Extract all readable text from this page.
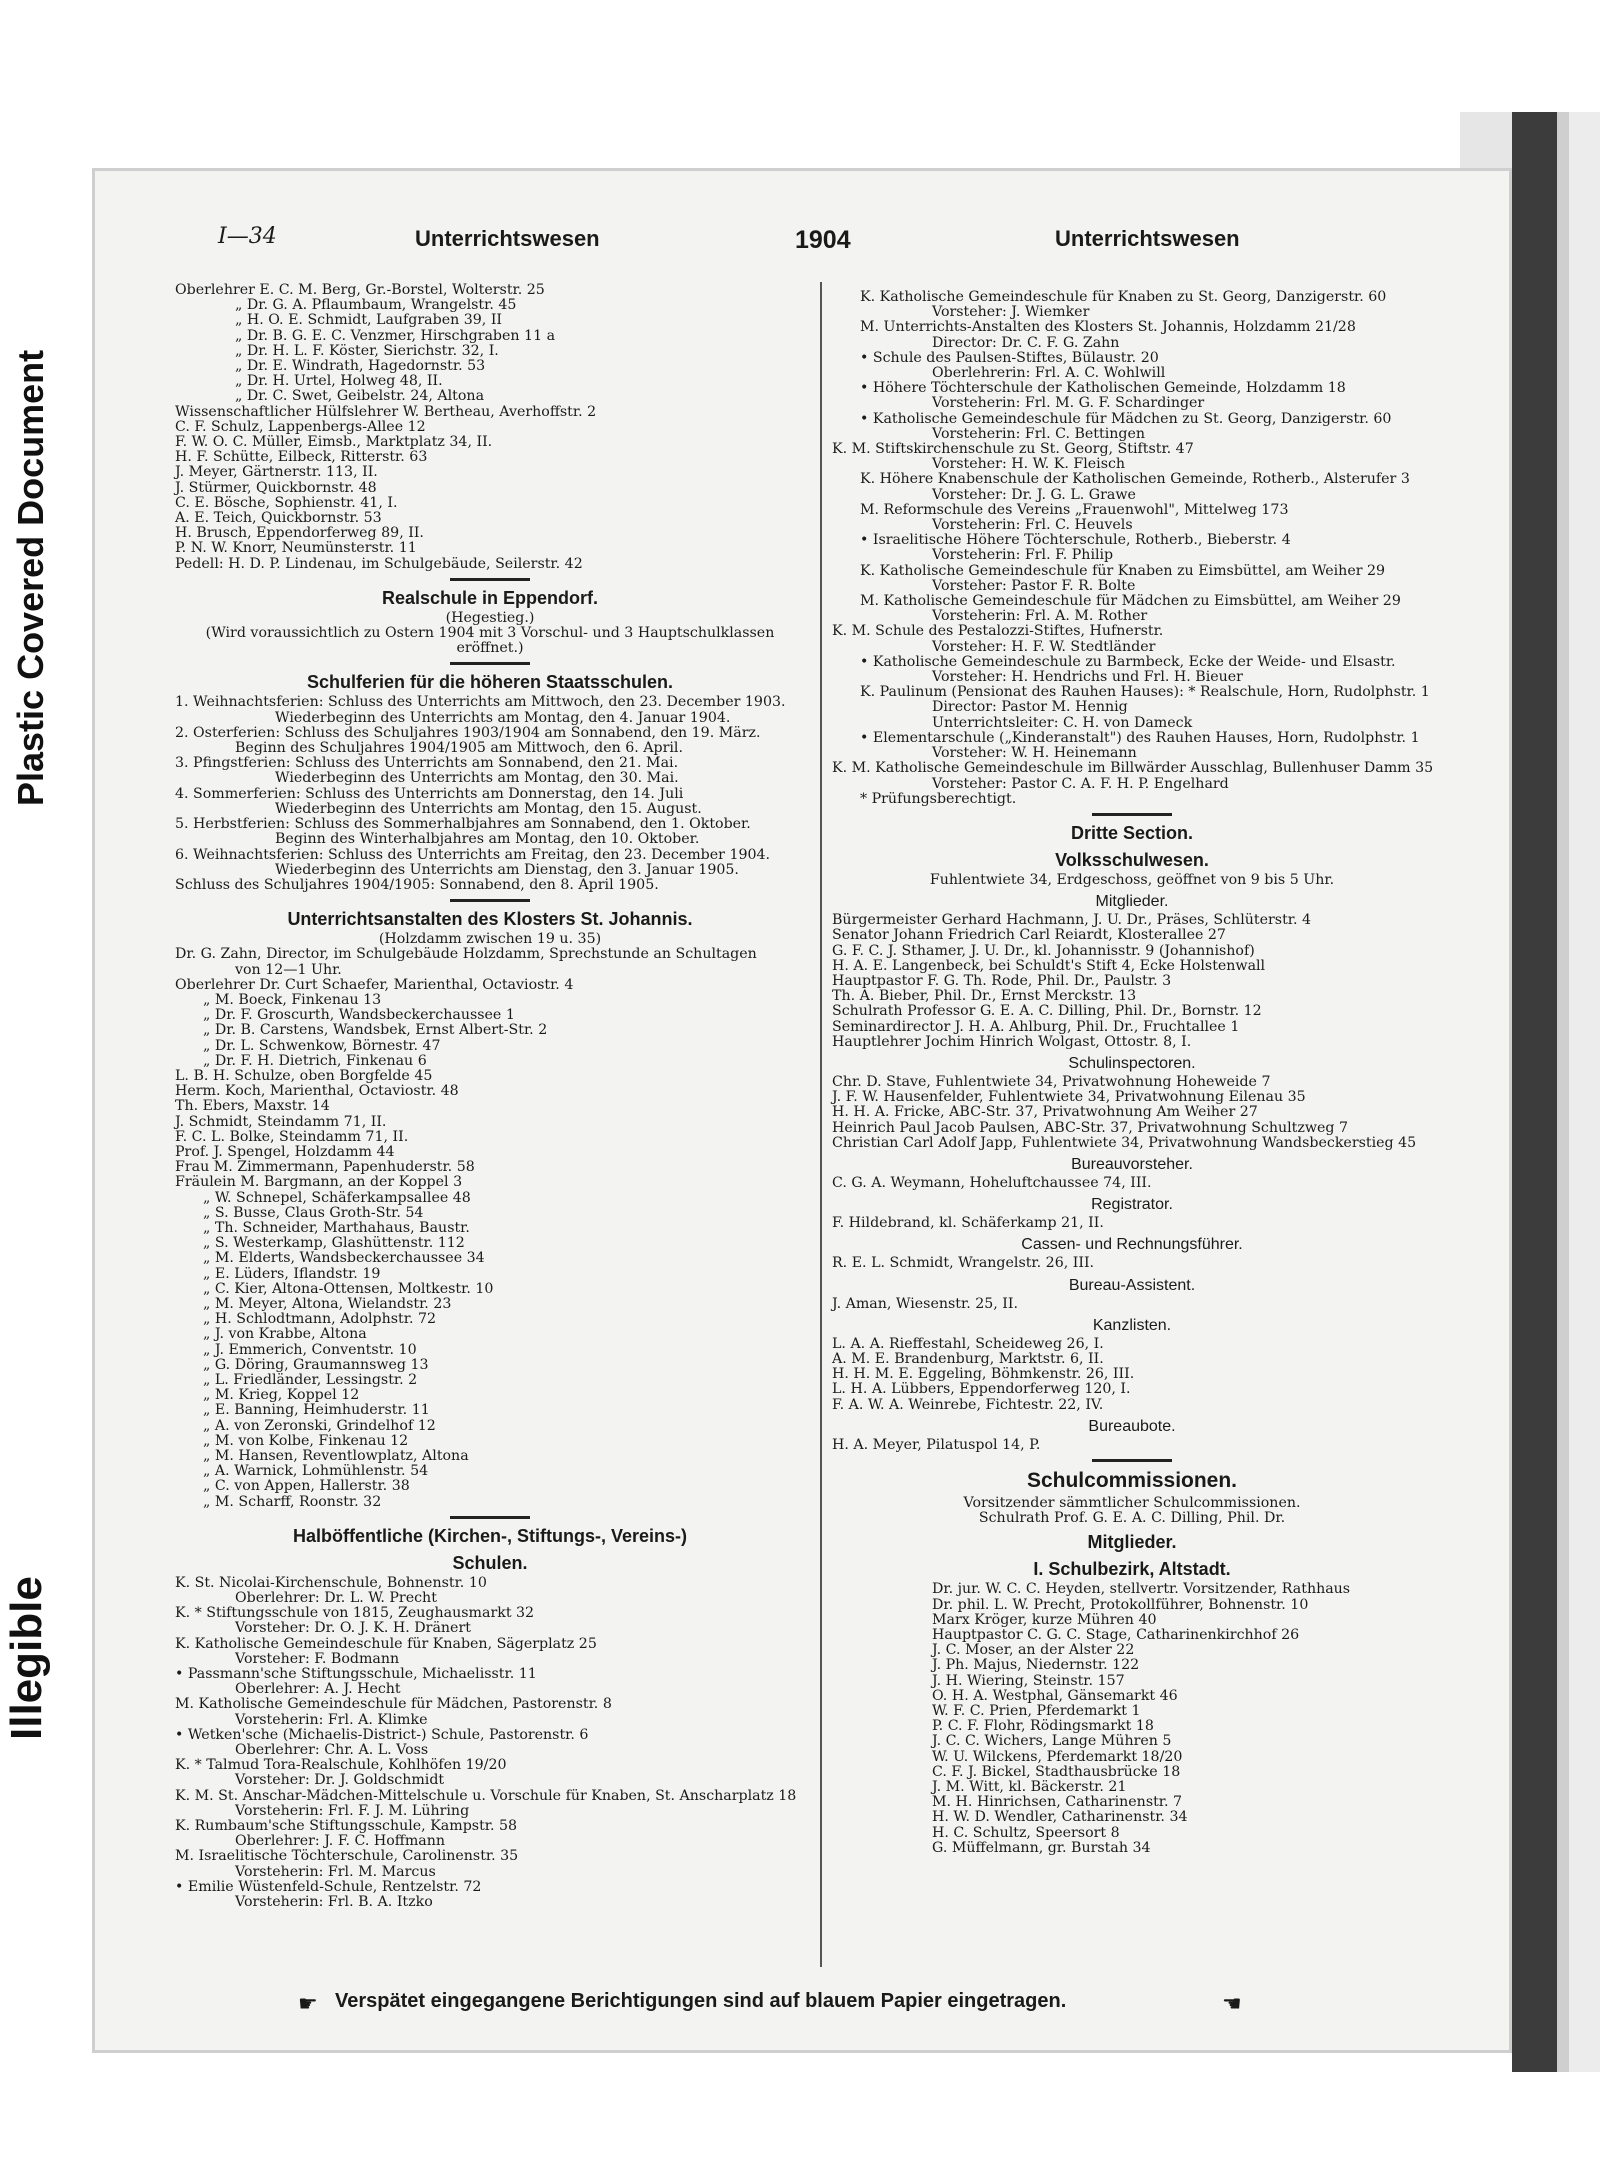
Plastic Covered Document
Illegible
I—34	Unterrichtswesen	1904	Unterrichtswesen

Oberlehrer E. C. M. Berg, Gr.-Borstel, Wolterstr. 25

„ Dr. G. A. Pflaumbaum, Wrangelstr. 45

„ H. O. E. Schmidt, Laufgraben 39, II

„ Dr. B. G. E. C. Venzmer, Hirschgraben 11 a

„ Dr. H. L. F. Köster, Sierichstr. 32, I.

„ Dr. E. Windrath, Hagedornstr. 53

„ Dr. H. Urtel, Holweg 48, II.

„ Dr. C. Swet, Geibelstr. 24, Altona

Wissenschaftlicher Hülfslehrer W. Bertheau, Averhoffstr. 2

C. F. Schulz, Lappenbergs-Allee 12

F. W. O. C. Müller, Eimsb., Marktplatz 34, II.

H. F. Schütte, Eilbeck, Ritterstr. 63

J. Meyer, Gärtnerstr. 113, II.

J. Stürmer, Quickbornstr. 48

C. E. Bösche, Sophienstr. 41, I.

A. E. Teich, Quickbornstr. 53

H. Brusch, Eppendorferweg 89, II.

P. N. W. Knorr, Neumünsterstr. 11

Pedell: H. D. P. Lindenau, im Schulgebäude, Seilerstr. 42

Realschule in Eppendorf.

(Hegestieg.)

(Wird voraussichtlich zu Ostern 1904 mit 3 Vorschul- und 3 Hauptschulklassen

eröffnet.)

Schulferien für die höheren Staatsschulen.

1. Weihnachtsferien: Schluss des Unterrichts am Mittwoch, den 23. December 1903.

Wiederbeginn des Unterrichts am Montag, den 4. Januar 1904.

2. Osterferien: Schluss des Schuljahres 1903/1904 am Sonnabend, den 19. März.

Beginn des Schuljahres 1904/1905 am Mittwoch, den 6. April.

3. Pfingstferien: Schluss des Unterrichts am Sonnabend, den 21. Mai.

Wiederbeginn des Unterrichts am Montag, den 30. Mai.

4. Sommerferien: Schluss des Unterrichts am Donnerstag, den 14. Juli

Wiederbeginn des Unterrichts am Montag, den 15. August.

5. Herbstferien: Schluss des Sommerhalbjahres am Sonnabend, den 1. Oktober.

Beginn des Winterhalbjahres am Montag, den 10. Oktober.

6. Weihnachtsferien: Schluss des Unterrichts am Freitag, den 23. December 1904.

Wiederbeginn des Unterrichts am Dienstag, den 3. Januar 1905.

Schluss des Schuljahres 1904/1905: Sonnabend, den 8. April 1905.

Unterrichtsanstalten des Klosters St. Johannis.

(Holzdamm zwischen 19 u. 35)

Dr. G. Zahn, Director, im Schulgebäude Holzdamm, Sprechstunde an Schultagen

von 12—1 Uhr.

Oberlehrer Dr. Curt Schaefer, Marienthal, Octaviostr. 4

„ M. Boeck, Finkenau 13

„ Dr. F. Groscurth, Wandsbeckerchaussee 1

„ Dr. B. Carstens, Wandsbek, Ernst Albert-Str. 2

„ Dr. L. Schwenkow, Börnestr. 47

„ Dr. F. H. Dietrich, Finkenau 6

L. B. H. Schulze, oben Borgfelde 45

Herm. Koch, Marienthal, Octaviostr. 48

Th. Ebers, Maxstr. 14

J. Schmidt, Steindamm 71, II.

F. C. L. Bolke, Steindamm 71, II.

Prof. J. Spengel, Holzdamm 44

Frau M. Zimmermann, Papenhuderstr. 58

Fräulein M. Bargmann, an der Koppel 3

„ W. Schnepel, Schäferkampsallee 48

„ S. Busse, Claus Groth-Str. 54

„ Th. Schneider, Marthahaus, Baustr.

„ S. Westerkamp, Glashüttenstr. 112

„ M. Elderts, Wandsbeckerchaussee 34

„ E. Lüders, Iflandstr. 19

„ C. Kier, Altona-Ottensen, Moltkestr. 10

„ M. Meyer, Altona, Wielandstr. 23

„ H. Schlodtmann, Adolphstr. 72

„ J. von Krabbe, Altona

„ J. Emmerich, Conventstr. 10

„ G. Döring, Graumannsweg 13

„ L. Friedländer, Lessingstr. 2

„ M. Krieg, Koppel 12

„ E. Banning, Heimhuderstr. 11

„ A. von Zeronski, Grindelhof 12

„ M. von Kolbe, Finkenau 12

„ M. Hansen, Reventlowplatz, Altona

„ A. Warnick, Lohmühlenstr. 54

„ C. von Appen, Hallerstr. 38

„ M. Scharff, Roonstr. 32

Halböffentliche (Kirchen-, Stiftungs-, Vereins-)

Schulen.

K. St. Nicolai-Kirchenschule, Bohnenstr. 10

Oberlehrer: Dr. L. W. Precht

K. * Stiftungsschule von 1815, Zeughausmarkt 32

Vorsteher: Dr. O. J. K. H. Dränert

K. Katholische Gemeindeschule für Knaben, Sägerplatz 25

Vorsteher: F. Bodmann

• Passmann'sche Stiftungsschule, Michaelisstr. 11

Oberlehrer: A. J. Hecht

M. Katholische Gemeindeschule für Mädchen, Pastorenstr. 8

Vorsteherin: Frl. A. Klimke

• Wetken'sche (Michaelis-District-) Schule, Pastorenstr. 6

Oberlehrer: Chr. A. L. Voss

K. * Talmud Tora-Realschule, Kohlhöfen 19/20

Vorsteher: Dr. J. Goldschmidt

K. M. St. Anschar-Mädchen-Mittelschule u. Vorschule für Knaben, St. Anscharplatz 18

Vorsteherin: Frl. F. J. M. Lühring

K. Rumbaum'sche Stiftungsschule, Kampstr. 58

Oberlehrer: J. F. C. Hoffmann

M. Israelitische Töchterschule, Carolinenstr. 35

Vorsteherin: Frl. M. Marcus

• Emilie Wüstenfeld-Schule, Rentzelstr. 72

Vorsteherin: Frl. B. A. Itzko

K. Katholische Gemeindeschule für Knaben zu St. Georg, Danzigerstr. 60

Vorsteher: J. Wiemker

M. Unterrichts-Anstalten des Klosters St. Johannis, Holzdamm 21/28

Director: Dr. C. F. G. Zahn

• Schule des Paulsen-Stiftes, Bülaustr. 20

Oberlehrerin: Frl. A. C. Wohlwill

• Höhere Töchterschule der Katholischen Gemeinde, Holzdamm 18

Vorsteherin: Frl. M. G. F. Schardinger

• Katholische Gemeindeschule für Mädchen zu St. Georg, Danzigerstr. 60

Vorsteherin: Frl. C. Bettingen

K. M. Stiftskirchenschule zu St. Georg, Stiftstr. 47

Vorsteher: H. W. K. Fleisch

K. Höhere Knabenschule der Katholischen Gemeinde, Rotherb., Alsterufer 3

Vorsteher: Dr. J. G. L. Grawe

M. Reformschule des Vereins „Frauenwohl", Mittelweg 173

Vorsteherin: Frl. C. Heuvels

• Israelitische Höhere Töchterschule, Rotherb., Bieberstr. 4

Vorsteherin: Frl. F. Philip

K. Katholische Gemeindeschule für Knaben zu Eimsbüttel, am Weiher 29

Vorsteher: Pastor F. R. Bolte

M. Katholische Gemeindeschule für Mädchen zu Eimsbüttel, am Weiher 29

Vorsteherin: Frl. A. M. Rother

K. M. Schule des Pestalozzi-Stiftes, Hufnerstr.

Vorsteher: H. F. W. Stedtländer

• Katholische Gemeindeschule zu Barmbeck, Ecke der Weide- und Elsastr.

Vorsteher: H. Hendrichs und Frl. H. Bieuer

K. Paulinum (Pensionat des Rauhen Hauses): * Realschule, Horn, Rudolphstr. 1

Director: Pastor M. Hennig

Unterrichtsleiter: C. H. von Dameck

• Elementarschule („Kinderanstalt") des Rauhen Hauses, Horn, Rudolphstr. 1

Vorsteher: W. H. Heinemann

K. M. Katholische Gemeindeschule im Billwärder Ausschlag, Bullenhuser Damm 35

Vorsteher: Pastor C. A. F. H. P. Engelhard

* Prüfungsberechtigt.

Dritte Section.

Volksschulwesen.

Fuhlentwiete 34, Erdgeschoss, geöffnet von 9 bis 5 Uhr.

Mitglieder.

Bürgermeister Gerhard Hachmann, J. U. Dr., Präses, Schlüterstr. 4

Senator Johann Friedrich Carl Reiardt, Klosterallee 27

G. F. C. J. Sthamer, J. U. Dr., kl. Johannisstr. 9 (Johannishof)

H. A. E. Langenbeck, bei Schuldt's Stift 4, Ecke Holstenwall

Hauptpastor F. G. Th. Rode, Phil. Dr., Paulstr. 3

Th. A. Bieber, Phil. Dr., Ernst Merckstr. 13

Schulrath Professor G. E. A. C. Dilling, Phil. Dr., Bornstr. 12

Seminardirector J. H. A. Ahlburg, Phil. Dr., Fruchtallee 1

Hauptlehrer Jochim Hinrich Wolgast, Ottostr. 8, I.

Schulinspectoren.

Chr. D. Stave, Fuhlentwiete 34, Privatwohnung Hoheweide 7

J. F. W. Hausenfelder, Fuhlentwiete 34, Privatwohnung Eilenau 35

H. H. A. Fricke, ABC-Str. 37, Privatwohnung Am Weiher 27

Heinrich Paul Jacob Paulsen, ABC-Str. 37, Privatwohnung Schultzweg 7

Christian Carl Adolf Japp, Fuhlentwiete 34, Privatwohnung Wandsbeckerstieg 45

Bureauvorsteher.

C. G. A. Weymann, Hoheluftchaussee 74, III.

Registrator.

F. Hildebrand, kl. Schäferkamp 21, II.

Cassen- und Rechnungsführer.

R. E. L. Schmidt, Wrangelstr. 26, III.

Bureau-Assistent.

J. Aman, Wiesenstr. 25, II.

Kanzlisten.

L. A. A. Rieffestahl, Scheideweg 26, I.

A. M. E. Brandenburg, Marktstr. 6, II.

H. H. M. E. Eggeling, Böhmkenstr. 26, III.

L. H. A. Lübbers, Eppendorferweg 120, I.

F. A. W. A. Weinrebe, Fichtestr. 22, IV.

Bureaubote.

H. A. Meyer, Pilatuspol 14, P.

Schulcommissionen.

Vorsitzender sämmtlicher Schulcommissionen.

Schulrath Prof. G. E. A. C. Dilling, Phil. Dr.

Mitglieder.

I. Schulbezirk, Altstadt.

Dr. jur. W. C. C. Heyden, stellvertr. Vorsitzender, Rathhaus

Dr. phil. L. W. Precht, Protokollführer, Bohnenstr. 10

Marx Kröger, kurze Mühren 40

Hauptpastor C. G. C. Stage, Catharinenkirchhof 26

J. C. Moser, an der Alster 22

J. Ph. Majus, Niedernstr. 122

J. H. Wiering, Steinstr. 157

O. H. A. Westphal, Gänsemarkt 46

W. F. C. Prien, Pferdemarkt 1

P. C. F. Flohr, Rödingsmarkt 18

J. C. C. Wichers, Lange Mühren 5

W. U. Wilckens, Pferdemarkt 18/20

C. F. J. Bickel, Stadthausbrücke 18

J. M. Witt, kl. Bäckerstr. 21

M. H. Hinrichsen, Catharinenstr. 7

H. W. D. Wendler, Catharinenstr. 34

H. C. Schultz, Speersort 8

G. Müffelmann, gr. Burstah 34

☛ Verspätet eingegangene Berichtigungen sind auf blauem Papier eingetragen.	☚
